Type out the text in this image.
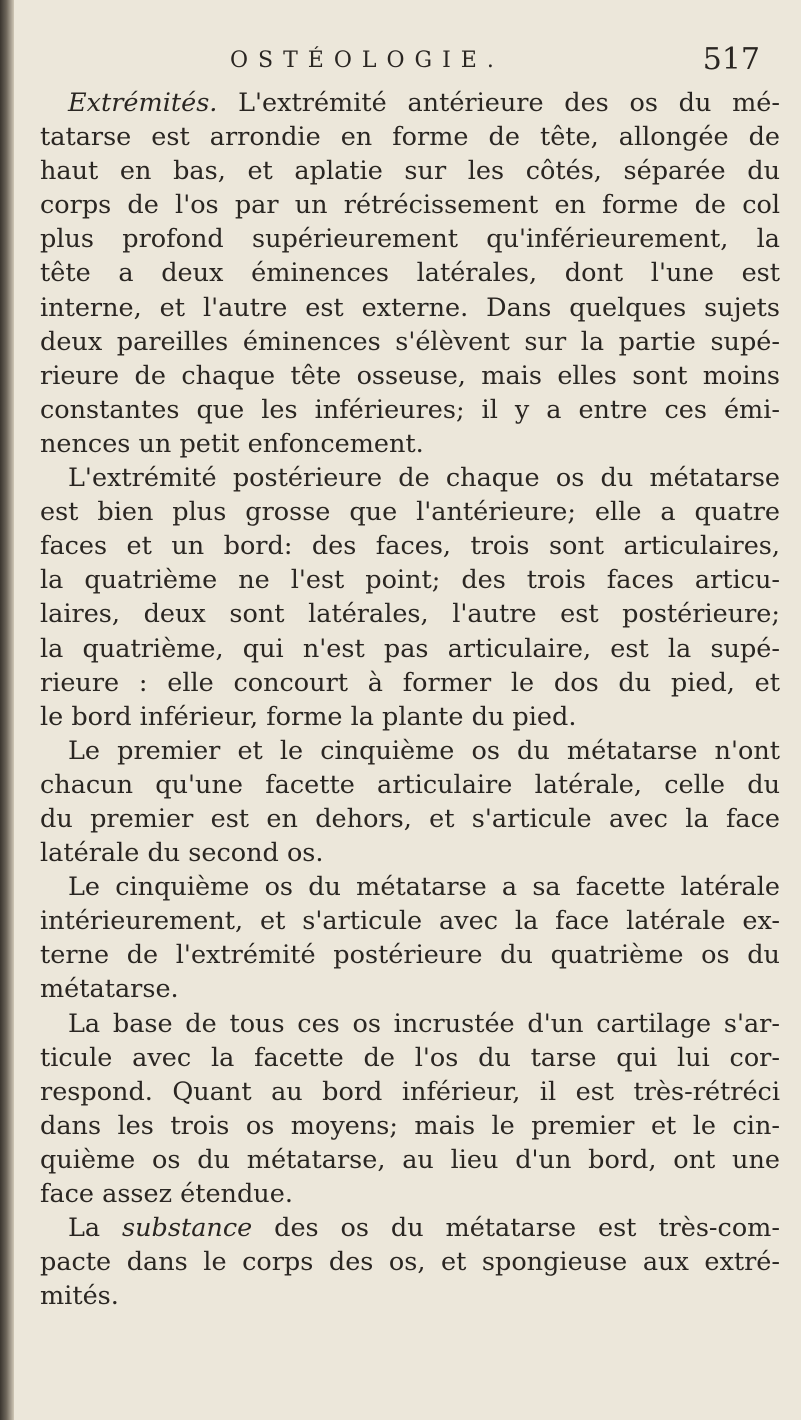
OSTÉOLOGIE.	517

Extrémités. L'extrémité antérieure des os du mé-
tatarse est arrondie en forme de tête, allongée de
haut en bas, et aplatie sur les côtés, séparée du
corps de l'os par un rétrécissement en forme de col
plus profond supérieurement qu'inférieurement, la
tête a deux éminences latérales, dont l'une est
interne, et l'autre est externe. Dans quelques sujets
deux pareilles éminences s'élèvent sur la partie supé-
rieure de chaque tête osseuse, mais elles sont moins
constantes que les inférieures; il y a entre ces émi-
nences un petit enfoncement.

L'extrémité postérieure de chaque os du métatarse
est bien plus grosse que l'antérieure; elle a quatre
faces et un bord: des faces, trois sont articulaires,
la quatrième ne l'est point; des trois faces articu-
laires, deux sont latérales, l'autre est postérieure;
la quatrième, qui n'est pas articulaire, est la supé-
rieure : elle concourt à former le dos du pied, et
le bord inférieur, forme la plante du pied.

Le premier et le cinquième os du métatarse n'ont
chacun qu'une facette articulaire latérale, celle du
du premier est en dehors, et s'articule avec la face
latérale du second os.

Le cinquième os du métatarse a sa facette latérale
intérieurement, et s'articule avec la face latérale ex-
terne de l'extrémité postérieure du quatrième os du
métatarse.

La base de tous ces os incrustée d'un cartilage s'ar-
ticule avec la facette de l'os du tarse qui lui cor-
respond. Quant au bord inférieur, il est très-rétréci
dans les trois os moyens; mais le premier et le cin-
quième os du métatarse, au lieu d'un bord, ont une
face assez étendue.

La substance des os du métatarse est très-com-
pacte dans le corps des os, et spongieuse aux extré-
mités.
